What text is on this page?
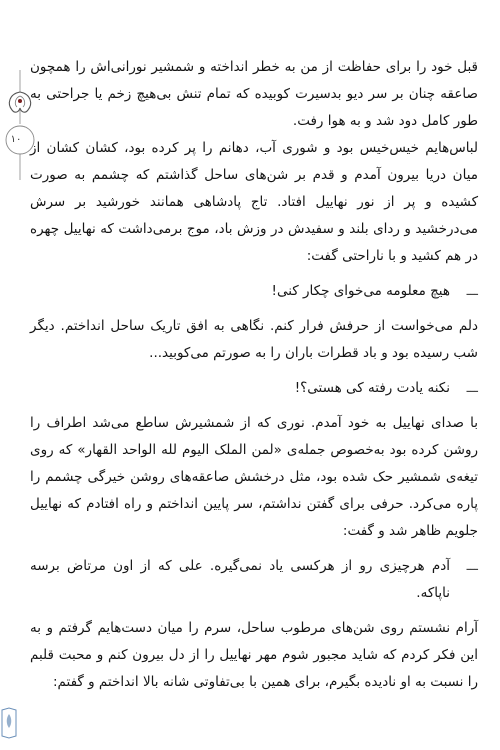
۱۰
قبل خود را برای حفاظت از من به خطر انداخته و شمشیر نورانی‌اش را همچون صاعقه چنان بر سر دیو بدسیرت کوبیده که تمام تنش بی‌هیچ زخم یا جراحتی به طور کامل دود شد و به هوا رفت.
لباس‌هایم خیس‌خیس بود و شوری آب، دهانم را پر کرده بود، کشان‌ کشان از میان دریا بیرون آمدم و قدم بر شن‌های ساحل گذاشتم که چشمم به صورت کشیده و پر از نور نهاییل افتاد. تاج پادشاهی همانند خورشید بر سرش می‌درخشید و ردای بلند و سفیدش در وزش باد، موج برمی‌داشت که نهاییل چهره در هم کشید و با ناراحتی گفت:
ـــ
هیچ معلومه می‌خوای چکار کنی!
دلم می‌خواست از حرفش فرار کنم. نگاهی به افق تاریک ساحل انداختم. دیگر شب رسیده بود و باد قطرات باران را به صورتم می‌کوبید...
ـــ
نکنه یادت رفته کی هستی؟!
با صدای نهاییل به خود آمدم. نوری که از شمشیرش ساطع می‌شد اطراف را روشن کرده بود به‌خصوص جمله‌ی «لمن الملک الیوم لله الواحد القهار» که روی تیغه‌ی شمشیر حک شده بود، مثل درخشش صاعقه‌های روشن خیرگی چشمم را پاره می‌کرد. حرفی برای گفتن نداشتم، سر پایین انداختم و راه افتادم که نهاییل جلویم ظاهر شد و گفت:
ـــ
آدم هرچیزی رو از هرکسی یاد نمی‌گیره. علی که از اون مرتاض برسه ناپاکه.
آرام نشستم روی شن‌های مرطوب ساحل، سرم را میان دست‌هایم گرفتم و به این فکر کردم که شاید مجبور شوم مهر نهاییل را از دل بیرون کنم و محبت قلبم را نسبت به او نادیده بگیرم، برای همین با بی‌تفاوتی شانه بالا انداختم و گفتم:
